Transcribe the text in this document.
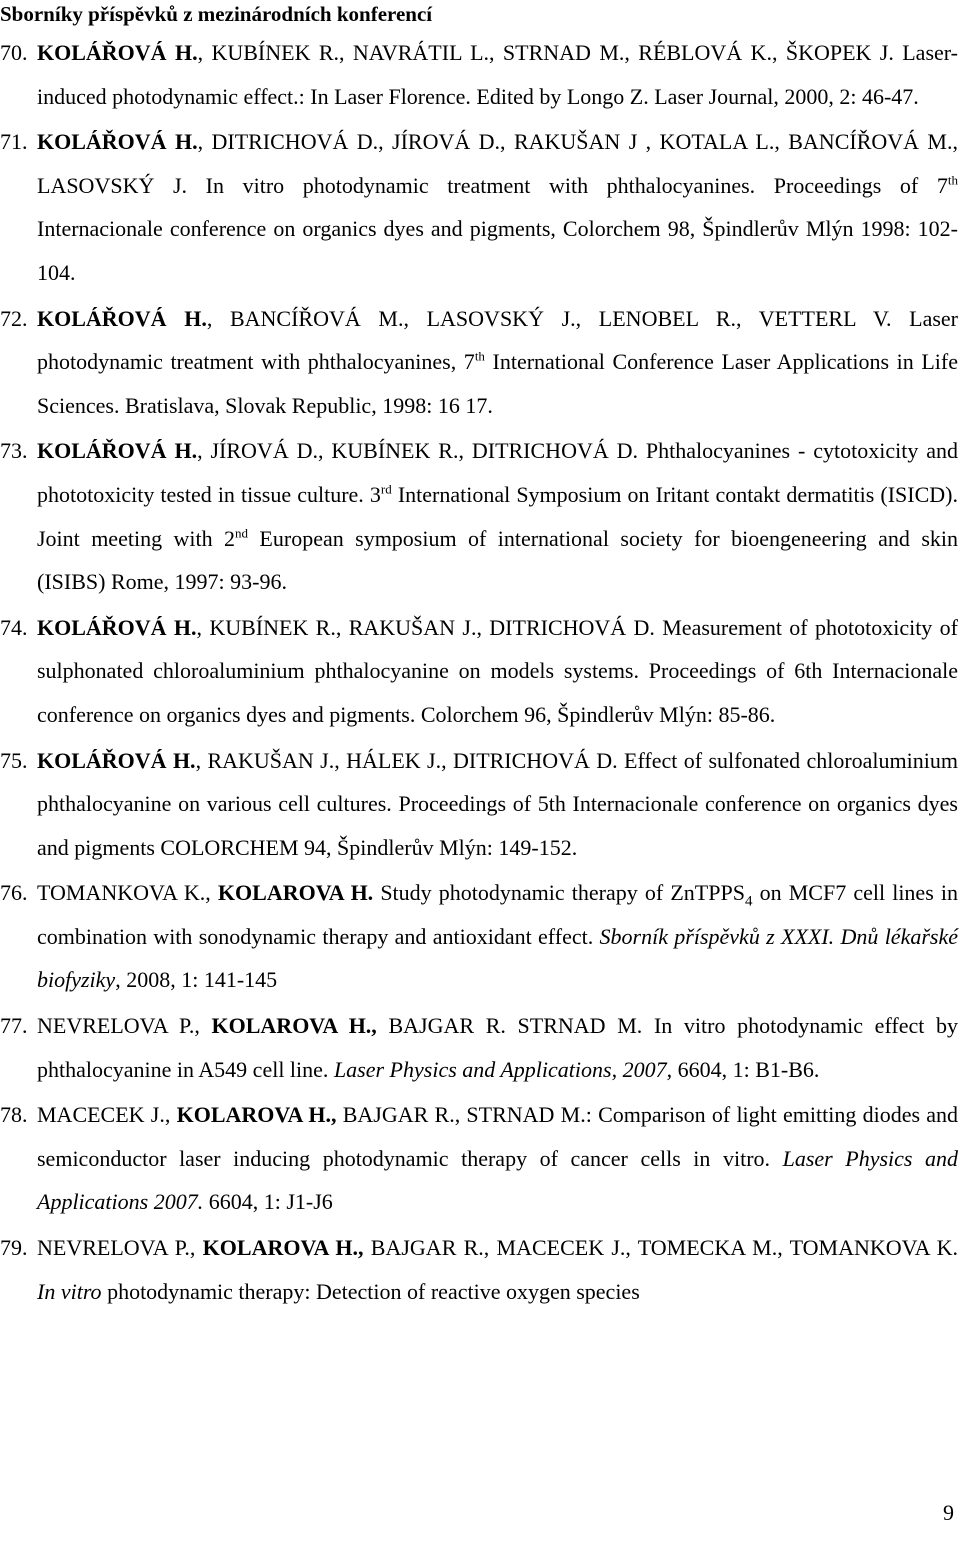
Sborníky příspěvků z mezinárodních konferencí
70. KOLÁŘOVÁ H., KUBÍNEK R., NAVRÁTIL L., STRNAD M., RÉBLOVÁ K., ŠKOPEK J. Laser-induced photodynamic effect.: In Laser Florence. Edited by Longo Z. Laser Journal, 2000, 2: 46-47.
71. KOLÁŘOVÁ H., DITRICHOVÁ D., JÍROVÁ D., RAKUŠAN J , KOTALA L., BANCÍŘOVÁ M., LASOVSKÝ J. In vitro photodynamic treatment with phthalocyanines. Proceedings of 7th Internacionale conference on organics dyes and pigments, Colorchem 98, Špindlerův Mlýn 1998: 102-104.
72. KOLÁŘOVÁ H., BANCÍŘOVÁ M., LASOVSKÝ J., LENOBEL R., VETTERL V. Laser photodynamic treatment with phthalocyanines, 7th International Conference Laser Applications in Life Sciences. Bratislava, Slovak Republic, 1998: 16 17.
73. KOLÁŘOVÁ H., JÍROVÁ D., KUBÍNEK R., DITRICHOVÁ D. Phthalocyanines - cytotoxicity and phototoxicity tested in tissue culture. 3rd International Symposium on Iritant contakt dermatitis (ISICD). Joint meeting with 2nd European symposium of international society for bioengeneering and skin (ISIBS) Rome, 1997: 93-96.
74. KOLÁŘOVÁ H., KUBÍNEK R., RAKUŠAN J., DITRICHOVÁ D. Measurement of phototoxicity of sulphonated chloroaluminium phthalocyanine on models systems. Proceedings of 6th Internacionale conference on organics dyes and pigments. Colorchem 96, Špindlerův Mlýn: 85-86.
75. KOLÁŘOVÁ H., RAKUŠAN J., HÁLEK J., DITRICHOVÁ D. Effect of sulfonated chloroaluminium phthalocyanine on various cell cultures. Proceedings of 5th Internacionale conference on organics dyes and pigments COLORCHEM 94, Špindlerův Mlýn: 149-152.
76. TOMANKOVA K., KOLAROVA H. Study photodynamic therapy of ZnTPPS$_4$ on MCF7 cell lines in combination with sonodynamic therapy and antioxidant effect. Sborník příspěvků z XXXI. Dnů lékařské biofyziky, 2008, 1: 141-145
77. NEVRELOVA P., KOLAROVA H., BAJGAR R. STRNAD M. In vitro photodynamic effect by phthalocyanine in A549 cell line. Laser Physics and Applications, 2007, 6604, 1: B1-B6.
78. MACECEK J., KOLAROVA H., BAJGAR R., STRNAD M.: Comparison of light emitting diodes and semiconductor laser inducing photodynamic therapy of cancer cells in vitro. Laser Physics and Applications 2007. 6604, 1: J1-J6
79. NEVRELOVA P., KOLAROVA H., BAJGAR R., MACECEK J., TOMECKA M., TOMANKOVA K. In vitro photodynamic therapy: Detection of reactive oxygen species
9
